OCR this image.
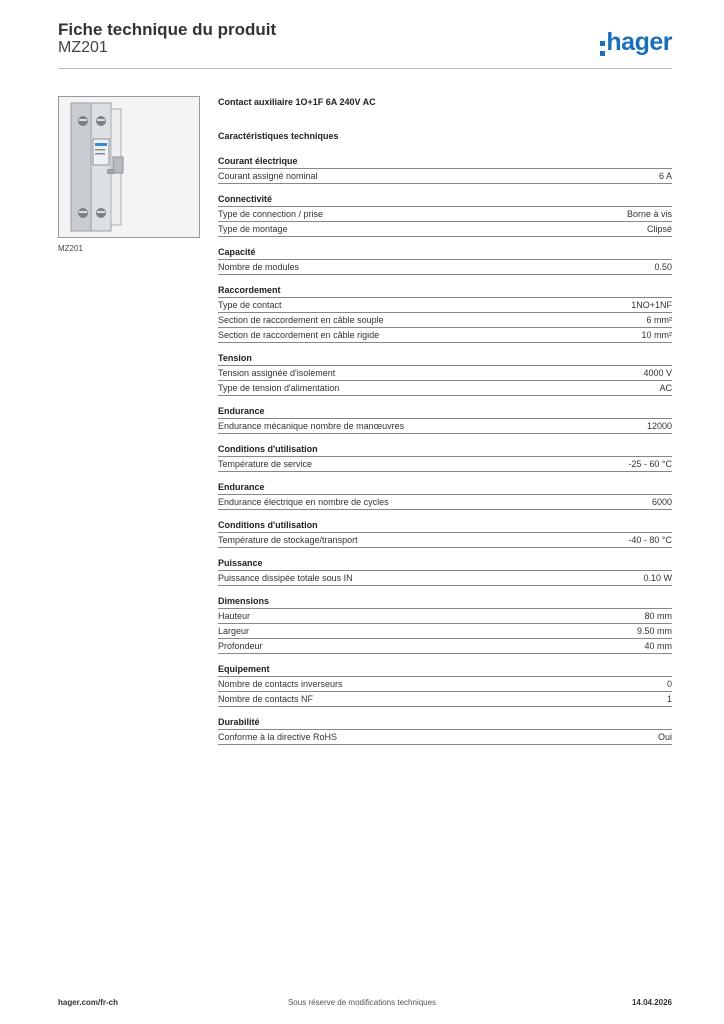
Fiche technique du produit
MZ201	hager
MZ201
Contact auxiliaire 1O+1F 6A 240V AC
Caractéristiques techniques
Courant électrique
Courant assigné nominal	6 A
Connectivité
Type de connection / prise	Borne à vis
Type de montage	Clipsé
Capacité
Nombre de modules	0.50
Raccordement
Type de contact	1NO+1NF
Section de raccordement en câble souple	6 mm²
Section de raccordement en câble rigide	10 mm²
Tension
Tension assignée d'isolement	4000 V
Type de tension d'alimentation	AC
Endurance
Endurance mécanique nombre de manœuvres	12000
Conditions d'utilisation
Température de service	-25 - 60 °C
Endurance
Endurance électrique en nombre de cycles	6000
Conditions d'utilisation
Température de stockage/transport	-40 - 80 °C
Puissance
Puissance dissipée totale sous IN	0.10 W
Dimensions
Hauteur	80 mm
Largeur	9.50 mm
Profondeur	40 mm
Equipement
Nombre de contacts inverseurs	0
Nombre de contacts NF	1
Durabilité
Conforme à la directive RoHS	Oui
hager.com/fr-ch	Sous réserve de modifications techniques	14.04.2026
